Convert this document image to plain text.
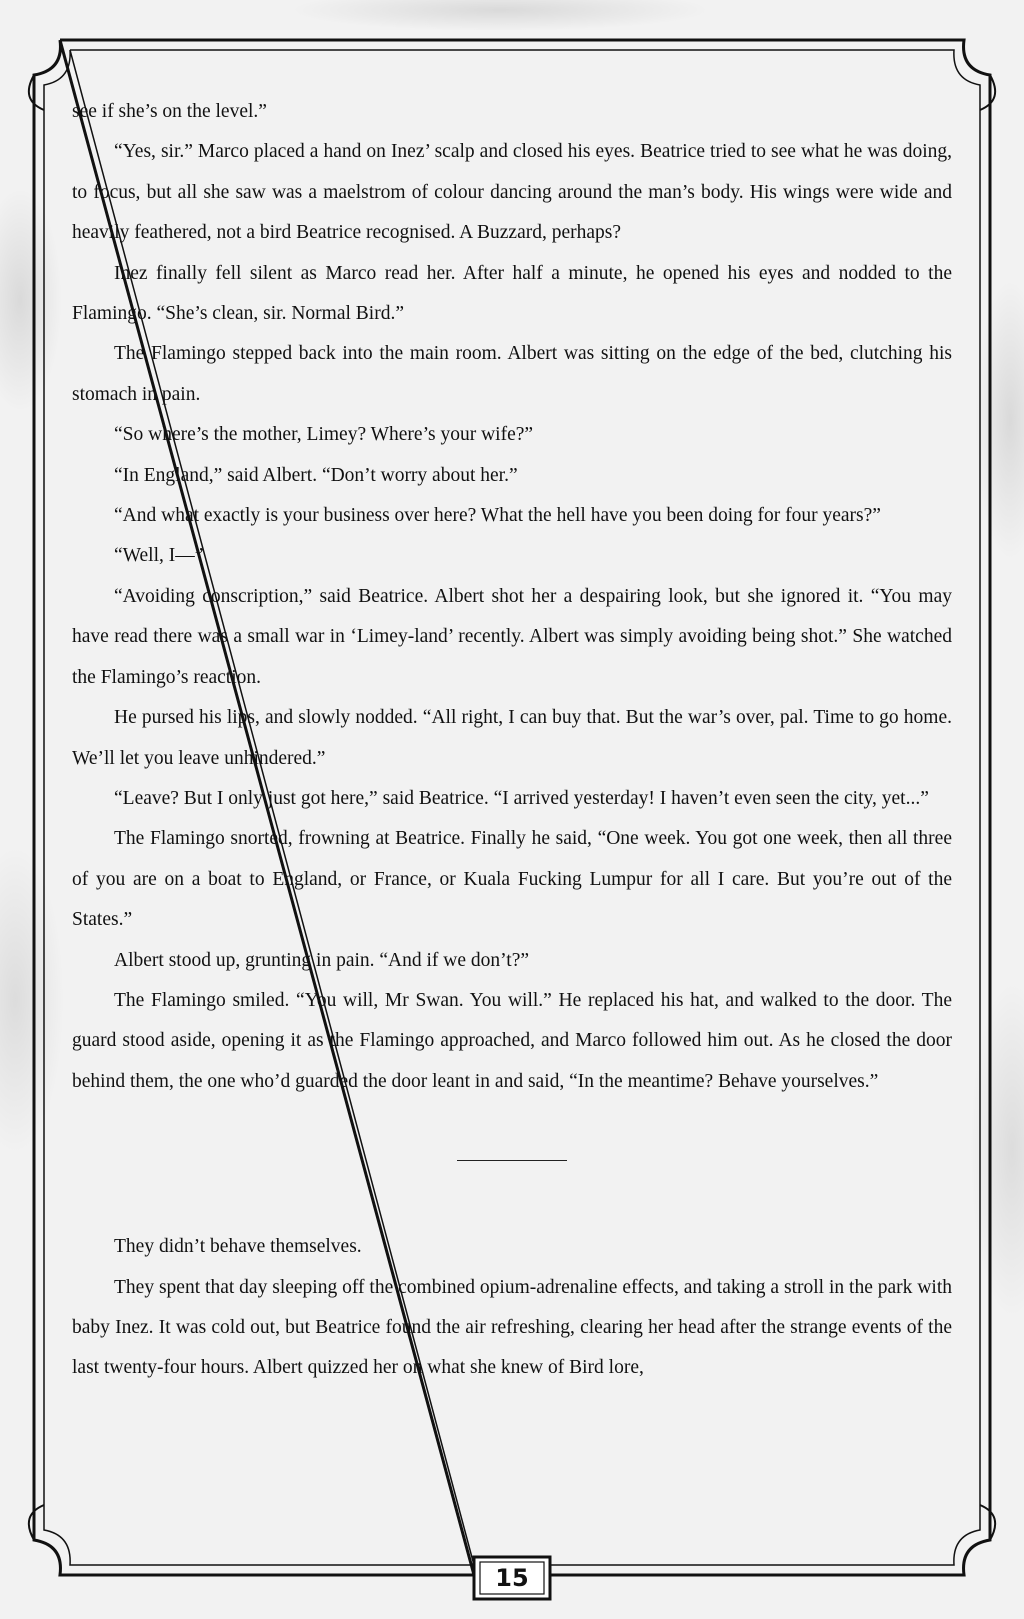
see if she’s on the level.”

“Yes, sir.” Marco placed a hand on Inez’ scalp and closed his eyes. Beatrice tried to see what he was doing, to focus, but all she saw was a maelstrom of colour dancing around the man’s body. His wings were wide and heavily feathered, not a bird Beatrice recognised. A Buzzard, perhaps?

Inez finally fell silent as Marco read her. After half a minute, he opened his eyes and nodded to the Flamingo. “She’s clean, sir. Normal Bird.”

The Flamingo stepped back into the main room. Albert was sitting on the edge of the bed, clutching his stomach in pain.

“So where’s the mother, Limey? Where’s your wife?”

“In England,” said Albert. “Don’t worry about her.”

“And what exactly is your business over here? What the hell have you been doing for four years?”

“Well, I—”

“Avoiding conscription,” said Beatrice. Albert shot her a despairing look, but she ignored it. “You may have read there was a small war in ‘Limey-land’ recently. Albert was simply avoiding being shot.” She watched the Flamingo’s reaction.

He pursed his lips, and slowly nodded. “All right, I can buy that. But the war’s over, pal. Time to go home. We’ll let you leave unhindered.”

“Leave? But I only just got here,” said Beatrice. “I arrived yesterday! I haven’t even seen the city, yet...”

The Flamingo snorted, frowning at Beatrice. Finally he said, “One week. You got one week, then all three of you are on a boat to England, or France, or Kuala Fucking Lumpur for all I care. But you’re out of the States.”

Albert stood up, grunting in pain. “And if we don’t?”

The Flamingo smiled. “You will, Mr Swan. You will.” He replaced his hat, and walked to the door. The guard stood aside, opening it as the Flamingo approached, and Marco followed him out. As he closed the door behind them, the one who’d guarded the door leant in and said, “In the meantime? Behave yourselves.”

They didn’t behave themselves.

They spent that day sleeping off the combined opium-adrenaline effects, and taking a stroll in the park with baby Inez. It was cold out, but Beatrice found the air refreshing, clearing her head after the strange events of the last twenty-four hours. Albert quizzed her on what she knew of Bird lore,

15
